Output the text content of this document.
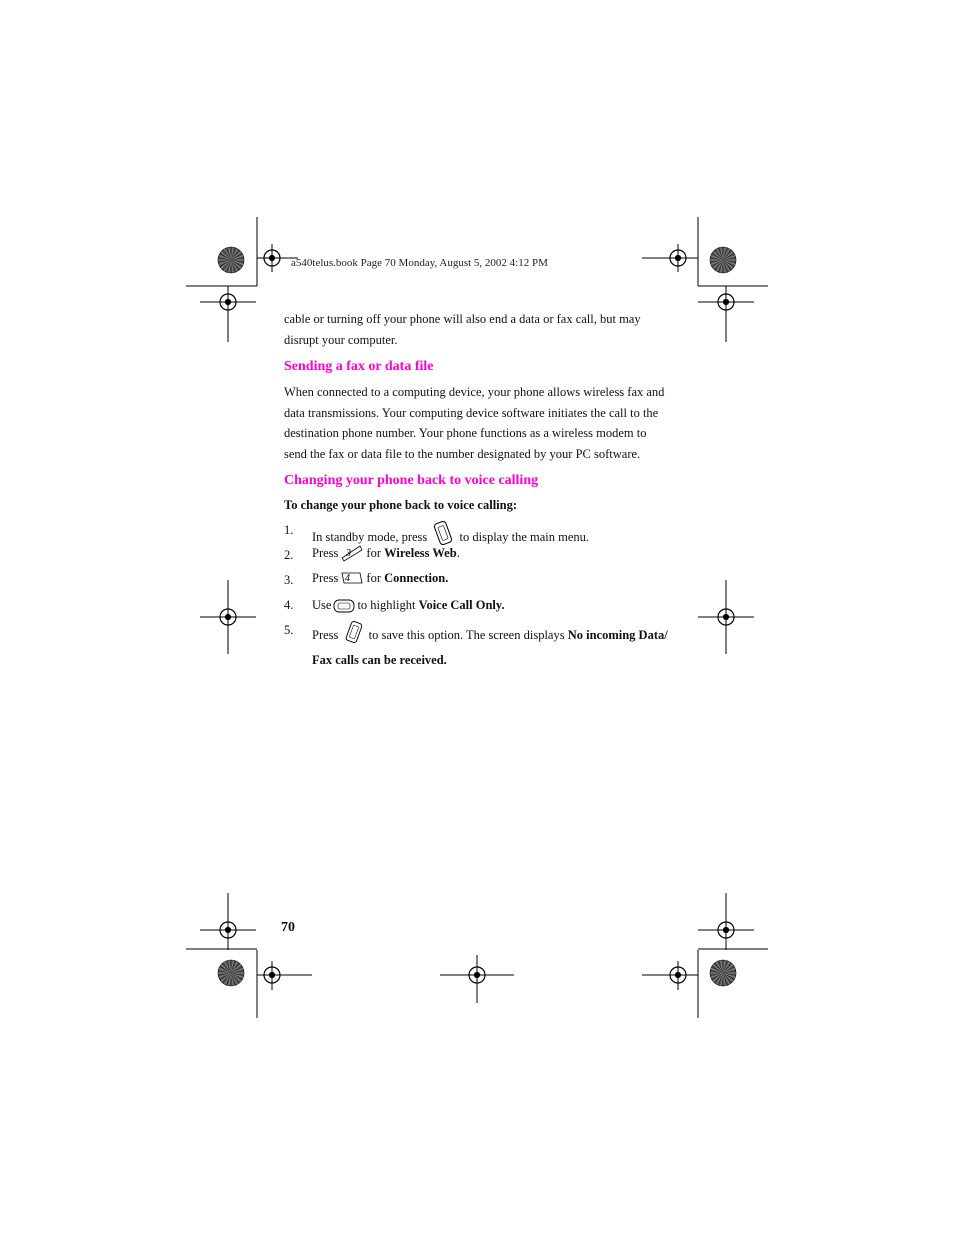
a540telus.book Page 70 Monday, August 5, 2002 4:12 PM
cable or turning off your phone will also end a data or fax call, but may disrupt your computer.
Sending a fax or data file
When connected to a computing device, your phone allows wireless fax and data transmissions. Your computing device software initiates the call to the destination phone number. Your phone functions as a wireless modem to send the fax or data file to the number designated by your PC software.
Changing your phone back to voice calling
To change your phone back to voice calling:
1. In standby mode, press	to display the main menu.
2. Press 3 for Wireless Web.
3. Press 4 for Connection.
4. Use to highlight Voice Call Only.
5. Press to save this option. The screen displays No incoming Data/
Fax calls can be received.
70
